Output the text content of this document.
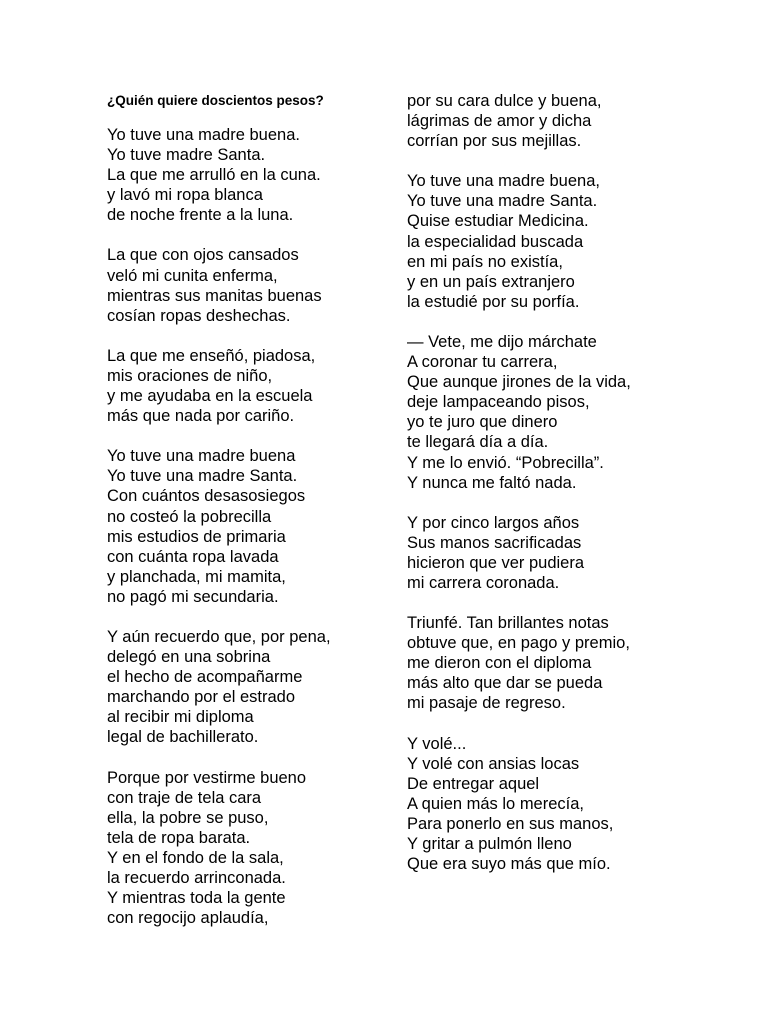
¿Quién quiere doscientos pesos?
Yo tuve una madre buena.
Yo tuve madre Santa.
La que me arrulló en la cuna.
y lavó mi ropa blanca
de noche frente a la luna.
La que con ojos cansados
veló mi cunita enferma,
mientras sus manitas buenas
cosían ropas deshechas.
La que me enseñó, piadosa,
mis oraciones de niño,
y me ayudaba en la escuela
más que nada por cariño.
Yo tuve una madre buena
Yo tuve una madre Santa.
Con cuántos desasosiegos
no costeó la pobrecilla
mis estudios de primaria
con cuánta ropa lavada
y planchada, mi mamita,
no pagó mi secundaria.
Y aún recuerdo que, por pena,
delegó en una sobrina
el hecho de acompañarme
marchando por el estrado
al recibir mi diploma
legal de bachillerato.
Porque por vestirme bueno
con traje de tela cara
ella, la pobre se puso,
tela de ropa barata.
Y en el fondo de la sala,
la recuerdo arrinconada.
Y mientras toda la gente
con regocijo aplaudía,
por su cara dulce y buena,
lágrimas de amor y dicha
corrían por sus mejillas.
Yo tuve una madre buena,
Yo tuve una madre Santa.
Quise estudiar Medicina.
la especialidad buscada
en mi país no existía,
y en un país extranjero
la estudié por su porfía.
— Vete, me dijo márchate
A coronar tu carrera,
Que aunque jirones de la vida,
deje lampaceando pisos,
yo te juro que dinero
te llegará día a día.
Y me lo envió. “Pobrecilla”.
Y nunca me faltó nada.
Y por cinco largos años
Sus manos sacrificadas
hicieron que ver pudiera
mi carrera coronada.
Triunfé. Tan brillantes notas
obtuve que, en pago y premio,
me dieron con el diploma
más alto que dar se pueda
mi pasaje de regreso.
Y volé...
Y volé con ansias locas
De entregar aquel
A quien más lo merecía,
Para ponerlo en sus manos,
Y gritar a pulmón lleno
Que era suyo más que mío.
